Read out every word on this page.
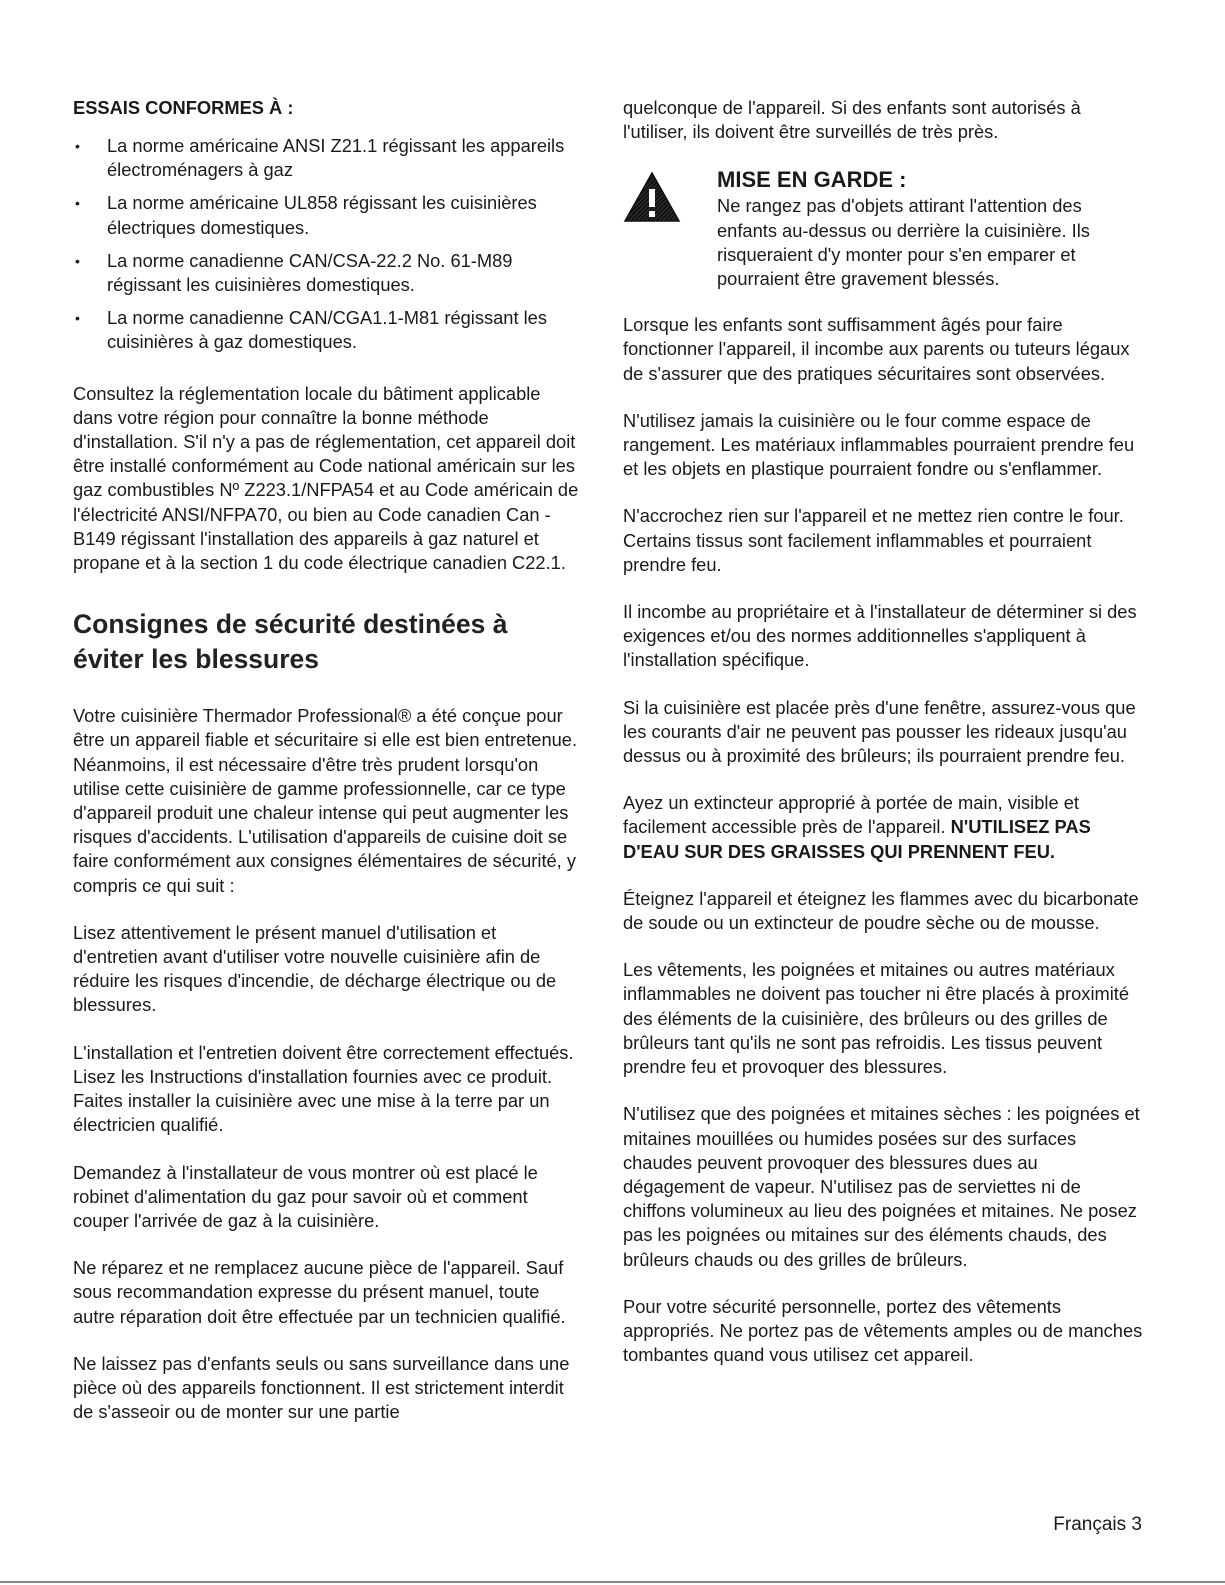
ESSAIS CONFORMES À :
• La norme américaine ANSI Z21.1 régissant les appareils électroménagers à gaz
• La norme américaine UL858 régissant les cuisinières électriques domestiques.
• La norme canadienne CAN/CSA-22.2 No. 61-M89 régissant les cuisinières domestiques.
• La norme canadienne CAN/CGA1.1-M81 régissant les cuisinières à gaz domestiques.

Consultez la réglementation locale du bâtiment applicable dans votre région pour connaître la bonne méthode d'installation. S'il n'y a pas de réglementation, cet appareil doit être installé conformément au Code national américain sur les gaz combustibles Nº Z223.1/NFPA54 et au Code américain de l'électricité ANSI/NFPA70, ou bien au Code canadien Can - B149 régissant l'installation des appareils à gaz naturel et propane et à la section 1 du code électrique canadien C22.1.

Consignes de sécurité destinées à éviter les blessures

Votre cuisinière Thermador Professional® a été conçue pour être un appareil fiable et sécuritaire si elle est bien entretenue. Néanmoins, il est nécessaire d'être très prudent lorsqu'on utilise cette cuisinière de gamme professionnelle, car ce type d'appareil produit une chaleur intense qui peut augmenter les risques d'accidents. L'utilisation d'appareils de cuisine doit se faire conformément aux consignes élémentaires de sécurité, y compris ce qui suit :

Lisez attentivement le présent manuel d'utilisation et d'entretien avant d'utiliser votre nouvelle cuisinière afin de réduire les risques d'incendie, de décharge électrique ou de blessures.

L'installation et l'entretien doivent être correctement effectués. Lisez les Instructions d'installation fournies avec ce produit. Faites installer la cuisinière avec une mise à la terre par un électricien qualifié.

Demandez à l'installateur de vous montrer où est placé le robinet d'alimentation du gaz pour savoir où et comment couper l'arrivée de gaz à la cuisinière.

Ne réparez et ne remplacez aucune pièce de l'appareil. Sauf sous recommandation expresse du présent manuel, toute autre réparation doit être effectuée par un technicien qualifié.

Ne laissez pas d'enfants seuls ou sans surveillance dans une pièce où des appareils fonctionnent. Il est strictement interdit de s'asseoir ou de monter sur une partie

quelconque de l'appareil. Si des enfants sont autorisés à l'utiliser, ils doivent être surveillés de très près.

MISE EN GARDE :

Ne rangez pas d'objets attirant l'attention des enfants au-dessus ou derrière la cuisinière. Ils risqueraient d'y monter pour s'en emparer et pourraient être gravement blessés.

Lorsque les enfants sont suffisamment âgés pour faire fonctionner l'appareil, il incombe aux parents ou tuteurs légaux de s'assurer que des pratiques sécuritaires sont observées.

N'utilisez jamais la cuisinière ou le four comme espace de rangement. Les matériaux inflammables pourraient prendre feu et les objets en plastique pourraient fondre ou s'enflammer.

N'accrochez rien sur l'appareil et ne mettez rien contre le four. Certains tissus sont facilement inflammables et pourraient prendre feu.

Il incombe au propriétaire et à l'installateur de déterminer si des exigences et/ou des normes additionnelles s'appliquent à l'installation spécifique.

Si la cuisinière est placée près d'une fenêtre, assurez-vous que les courants d'air ne peuvent pas pousser les rideaux jusqu'au dessus ou à proximité des brûleurs; ils pourraient prendre feu.

Ayez un extincteur approprié à portée de main, visible et facilement accessible près de l'appareil. N'UTILISEZ PAS D'EAU SUR DES GRAISSES QUI PRENNENT FEU.

Éteignez l'appareil et éteignez les flammes avec du bicarbonate de soude ou un extincteur de poudre sèche ou de mousse.

Les vêtements, les poignées et mitaines ou autres matériaux inflammables ne doivent pas toucher ni être placés à proximité des éléments de la cuisinière, des brûleurs ou des grilles de brûleurs tant qu'ils ne sont pas refroidis. Les tissus peuvent prendre feu et provoquer des blessures.

N'utilisez que des poignées et mitaines sèches : les poignées et mitaines mouillées ou humides posées sur des surfaces chaudes peuvent provoquer des blessures dues au dégagement de vapeur. N'utilisez pas de serviettes ni de chiffons volumineux au lieu des poignées et mitaines. Ne posez pas les poignées ou mitaines sur des éléments chauds, des brûleurs chauds ou des grilles de brûleurs.

Pour votre sécurité personnelle, portez des vêtements appropriés. Ne portez pas de vêtements amples ou de manches tombantes quand vous utilisez cet appareil.

Français 3
